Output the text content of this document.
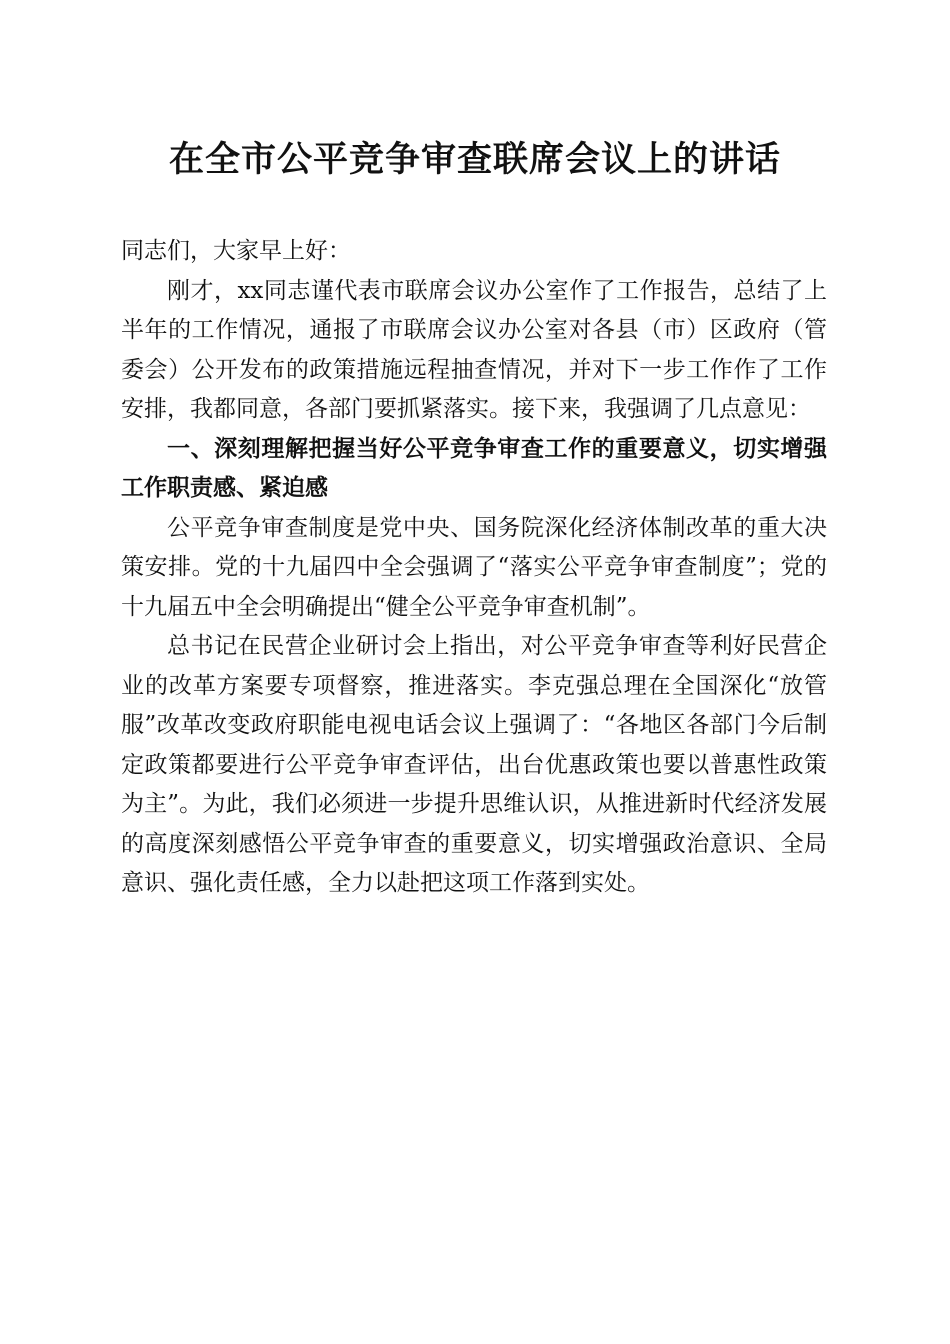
在全市公平竞争审查联席会议上的讲话

同志们，大家早上好：

刚才，xx同志谨代表市联席会议办公室作了工作报告，总结了上半年的工作情况，通报了市联席会议办公室对各县（市）区政府（管委会）公开发布的政策措施远程抽查情况，并对下一步工作作了工作安排，我都同意，各部门要抓紧落实。接下来，我强调了几点意见：

一、深刻理解把握当好公平竞争审查工作的重要意义，切实增强工作职责感、紧迫感

公平竞争审查制度是党中央、国务院深化经济体制改革的重大决策安排。党的十九届四中全会强调了“落实公平竞争审查制度”；党的十九届五中全会明确提出“健全公平竞争审查机制”。

总书记在民营企业研讨会上指出，对公平竞争审查等利好民营企业的改革方案要专项督察，推进落实。李克强总理在全国深化“放管服”改革改变政府职能电视电话会议上强调了：“各地区各部门今后制定政策都要进行公平竞争审查评估，出台优惠政策也要以普惠性政策为主”。为此，我们必须进一步提升思维认识，从推进新时代经济发展的高度深刻感悟公平竞争审查的重要意义，切实增强政治意识、全局意识、强化责任感，全力以赴把这项工作落到实处。
